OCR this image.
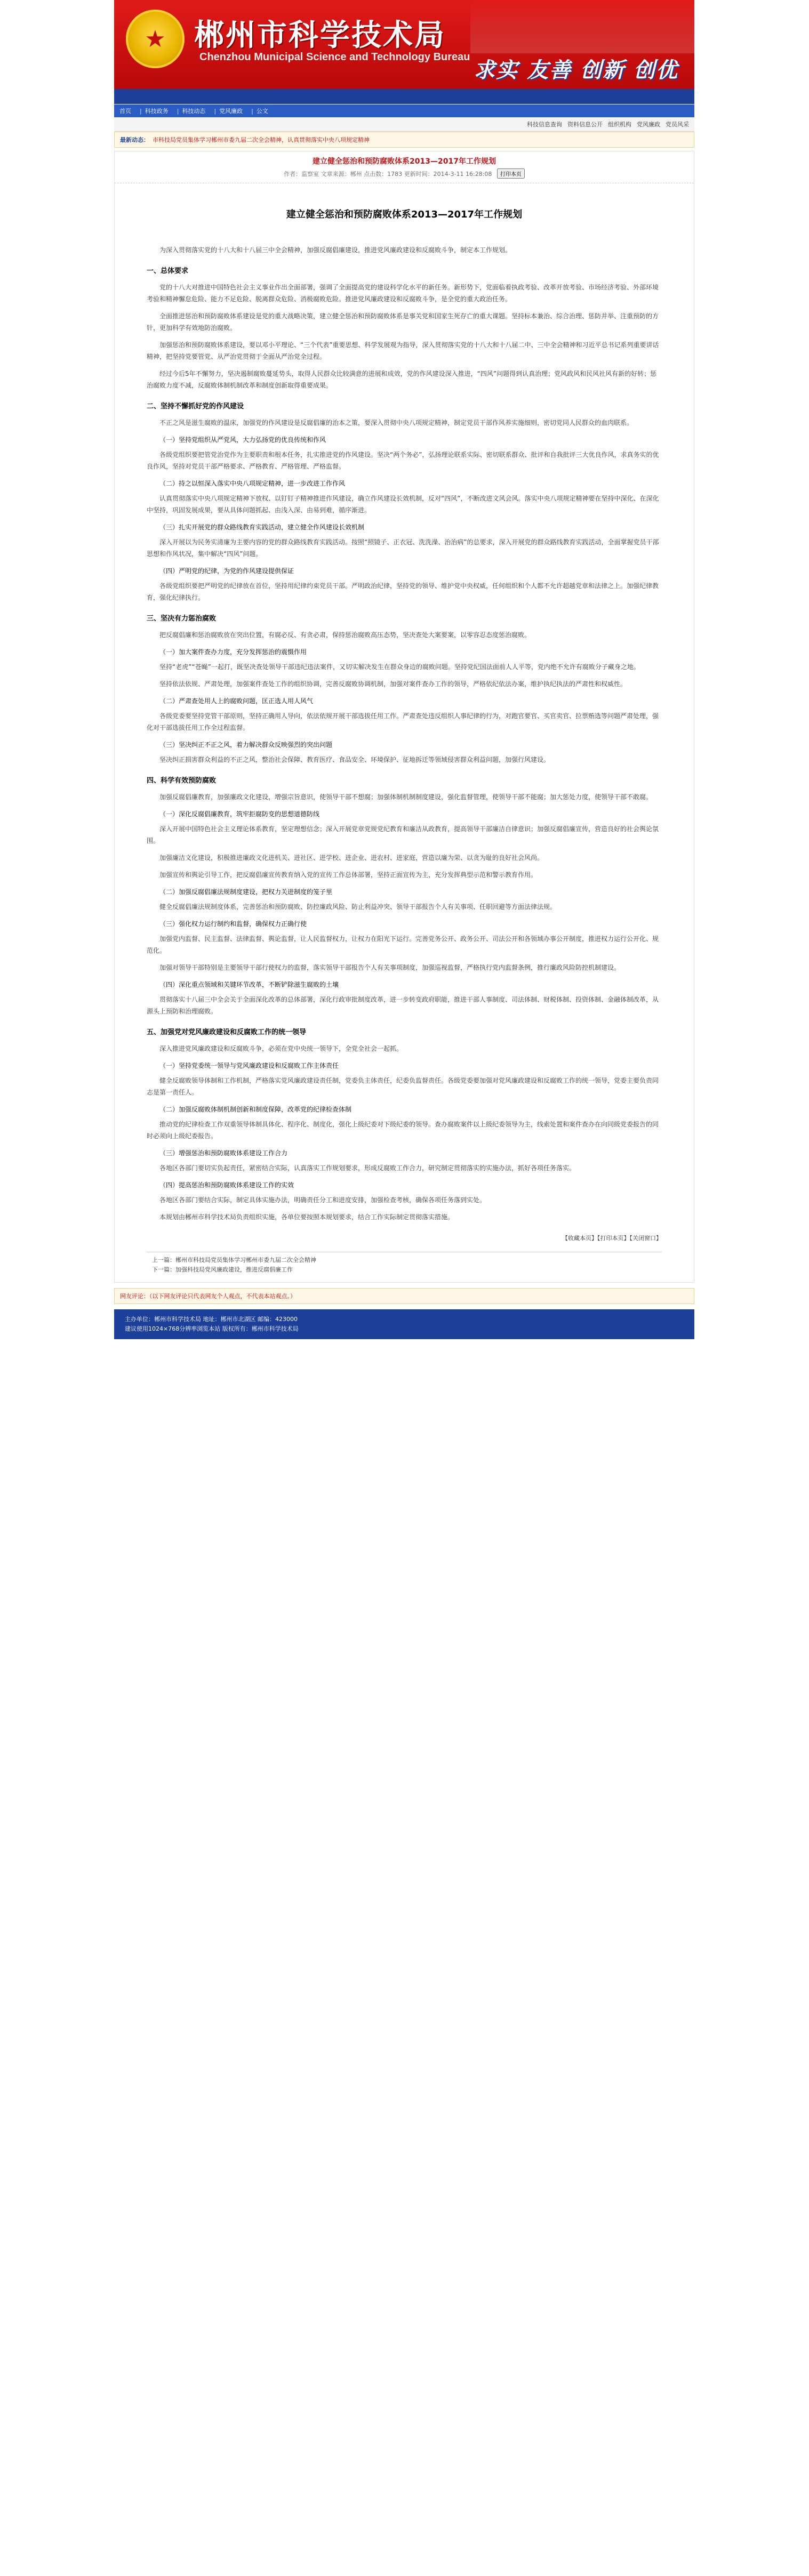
★ 郴州市科学技术局
Chenzhou Municipal Science and Technology Bureau
求实 友善 创新 创优
首页 | 科技政务 | 科技动态 | 党风廉政 | 公文
科技信息查询 资料信息公开 组织机构 党风廉政 党员风采
最新动态： 市科技局党员集体学习郴州市委九届二次全会精神，认真贯彻落实中央八项规定精神
建立健全惩治和预防腐败体系2013—2017年工作规划
作者：监察室 文章来源：郴州 点击数：1783 更新时间：2014-3-11 16:28:08 打印本页
建立健全惩治和预防腐败体系2013—2017年工作规划

为深入贯彻落实党的十八大和十八届三中全会精神，加强反腐倡廉建设，推进党风廉政建设和反腐败斗争，制定本工作规划。

一、总体要求

党的十八大对推进中国特色社会主义事业作出全面部署，强调了全面提高党的建设科学化水平的新任务。新形势下，党面临着执政考验、改革开放考验、市场经济考验、外部环境考验和精神懈怠危险、能力不足危险、脱离群众危险、消极腐败危险。推进党风廉政建设和反腐败斗争，是全党的重大政治任务。

全面推进惩治和预防腐败体系建设是党的重大战略决策，建立健全惩治和预防腐败体系是事关党和国家生死存亡的重大课题。坚持标本兼治、综合治理、惩防并举、注重预防的方针，更加科学有效地防治腐败。

加强惩治和预防腐败体系建设，要以邓小平理论、“三个代表”重要思想、科学发展观为指导，深入贯彻落实党的十八大和十八届二中、三中全会精神和习近平总书记系列重要讲话精神，把坚持党要管党、从严治党贯彻于全面从严治党全过程。

经过今后5年不懈努力，坚决遏制腐败蔓延势头，取得人民群众比较满意的进展和成效，党的作风建设深入推进，“四风”问题得到认真治理；党风政风和民风社风有新的好转；惩治腐败力度不减，反腐败体制机制改革和制度创新取得重要成果。

二、坚持不懈抓好党的作风建设

不正之风是滋生腐败的温床，加强党的作风建设是反腐倡廉的治本之策，要深入贯彻中央八项规定精神，制定党员干部作风养实施细则，密切党同人民群众的血肉联系。

（一）坚持党组织从严党风，大力弘扬党的优良传统和作风

各级党组织要把管党治党作为主要职责和根本任务，扎实推进党的作风建设。坚决“两个务必”，弘扬理论联系实际、密切联系群众、批评和自我批评三大优良作风，求真务实的优良作风，坚持对党员干部严格要求、严格教育、严格管理、严格监督。

（二）持之以恒深入落实中央八项规定精神，进一步改进工作作风

认真贯彻落实中央八项规定精神下放权、以钉钉子精神推进作风建设，确立作风建设长效机制，反对“四风”，不断改进文风会风。落实中央八项规定精神要在坚持中深化、在深化中坚持，巩固发展成果，要从具体问题抓起、由浅入深、由易到难，循序渐进。

（三）扎实开展党的群众路线教育实践活动，建立健全作风建设长效机制

深入开展以为民务实清廉为主要内容的党的群众路线教育实践活动。按照“照镜子、正衣冠、洗洗澡、治治病”的总要求，深入开展党的群众路线教育实践活动，全面掌握党员干部思想和作风状况，集中解决“四风”问题。

（四）严明党的纪律，为党的作风建设提供保证

各级党组织要把严明党的纪律放在首位，坚持用纪律约束党员干部。严明政治纪律，坚持党的领导、维护党中央权威，任何组织和个人都不允许超越党章和法律之上。加强纪律教育，强化纪律执行。

三、坚决有力惩治腐败

把反腐倡廉和惩治腐败放在突出位置，有腐必反、有贪必肃，保持惩治腐败高压态势，坚决查处大案要案，以零容忍态度惩治腐败。

（一）加大案件查办力度，充分发挥惩治的震慑作用

坚持“老虎”“苍蝇”一起打，既坚决查处领导干部违纪违法案件，又切实解决发生在群众身边的腐败问题。坚持党纪国法面前人人平等，党内绝不允许有腐败分子藏身之地。

坚持依法依规、严肃处理，加强案件查处工作的组织协调，完善反腐败协调机制，加强对案件查办工作的领导，严格依纪依法办案，维护执纪执法的严肃性和权威性。

（二）严肃查处用人上的腐败问题，匡正选人用人风气

各级党委要坚持党管干部原则，坚持正确用人导向，依法依规开展干部选拔任用工作。严肃查处违反组织人事纪律的行为，对跑官要官、买官卖官、拉票贿选等问题严肃处理，强化对干部选拔任用工作全过程监督。

（三）坚决纠正不正之风，着力解决群众反映强烈的突出问题

坚决纠正损害群众利益的不正之风，整治社会保障、教育医疗、食品安全、环境保护、征地拆迁等领域侵害群众利益问题，加强行风建设。

四、科学有效预防腐败

加强反腐倡廉教育，加强廉政文化建设，增强宗旨意识，使领导干部不想腐；加强体制机制制度建设，强化监督管理，使领导干部不能腐；加大惩处力度，使领导干部不敢腐。

（一）深化反腐倡廉教育，筑牢拒腐防变的思想道德防线

深入开展中国特色社会主义理论体系教育，坚定理想信念；深入开展党章党规党纪教育和廉洁从政教育，提高领导干部廉洁自律意识；加强反腐倡廉宣传，营造良好的社会舆论氛围。

加强廉洁文化建设，积极推进廉政文化进机关、进社区、进学校、进企业、进农村、进家庭，营造以廉为荣、以贪为耻的良好社会风尚。

加强宣传和舆论引导工作，把反腐倡廉宣传教育纳入党的宣传工作总体部署，坚持正面宣传为主，充分发挥典型示范和警示教育作用。

（二）加强反腐倡廉法规制度建设，把权力关进制度的笼子里

健全反腐倡廉法规制度体系，完善惩治和预防腐败、防控廉政风险、防止利益冲突、领导干部报告个人有关事项、任职回避等方面法律法规。

（三）强化权力运行制约和监督，确保权力正确行使

加强党内监督、民主监督、法律监督、舆论监督，让人民监督权力，让权力在阳光下运行。完善党务公开、政务公开、司法公开和各领域办事公开制度，推进权力运行公开化、规范化。

加强对领导干部特别是主要领导干部行使权力的监督，落实领导干部报告个人有关事项制度，加强巡视监督，严格执行党内监督条例，推行廉政风险防控机制建设。

（四）深化重点领域和关键环节改革，不断铲除滋生腐败的土壤

贯彻落实十八届三中全会关于全面深化改革的总体部署，深化行政审批制度改革，进一步转变政府职能，推进干部人事制度、司法体制、财税体制、投资体制、金融体制改革，从源头上预防和治理腐败。

五、加强党对党风廉政建设和反腐败工作的统一领导

深入推进党风廉政建设和反腐败斗争，必须在党中央统一领导下，全党全社会一起抓。

（一）坚持党委统一领导与党风廉政建设和反腐败工作主体责任

健全反腐败领导体制和工作机制，严格落实党风廉政建设责任制，党委负主体责任，纪委负监督责任。各级党委要加强对党风廉政建设和反腐败工作的统一领导，党委主要负责同志是第一责任人。

（二）加强反腐败体制机制创新和制度保障，改革党的纪律检查体制

推动党的纪律检查工作双重领导体制具体化、程序化、制度化，强化上级纪委对下级纪委的领导。查办腐败案件以上级纪委领导为主，线索处置和案件查办在向同级党委报告的同时必须向上级纪委报告。

（三）增强惩治和预防腐败体系建设工作合力

各地区各部门要切实负起责任，紧密结合实际，认真落实工作规划要求，形成反腐败工作合力，研究制定贯彻落实的实施办法，抓好各项任务落实。

（四）提高惩治和预防腐败体系建设工作的实效

各地区各部门要结合实际，制定具体实施办法，明确责任分工和进度安排，加强检查考核，确保各项任务落到实处。

本规划由郴州市科学技术局负责组织实施，各单位要按照本规划要求，结合工作实际制定贯彻落实措施。

【收藏本页】【打印本页】【关闭窗口】
上一篇：郴州市科技局党员集体学习郴州市委九届二次全会精神
下一篇：加强科技局党风廉政建设，推进反腐倡廉工作
网友评论：（以下网友评论只代表网友个人观点，不代表本站观点。）
主办单位：郴州市科学技术局 地址：郴州市北湖区 邮编：423000
建议使用1024×768分辨率浏览本站 版权所有：郴州市科学技术局
